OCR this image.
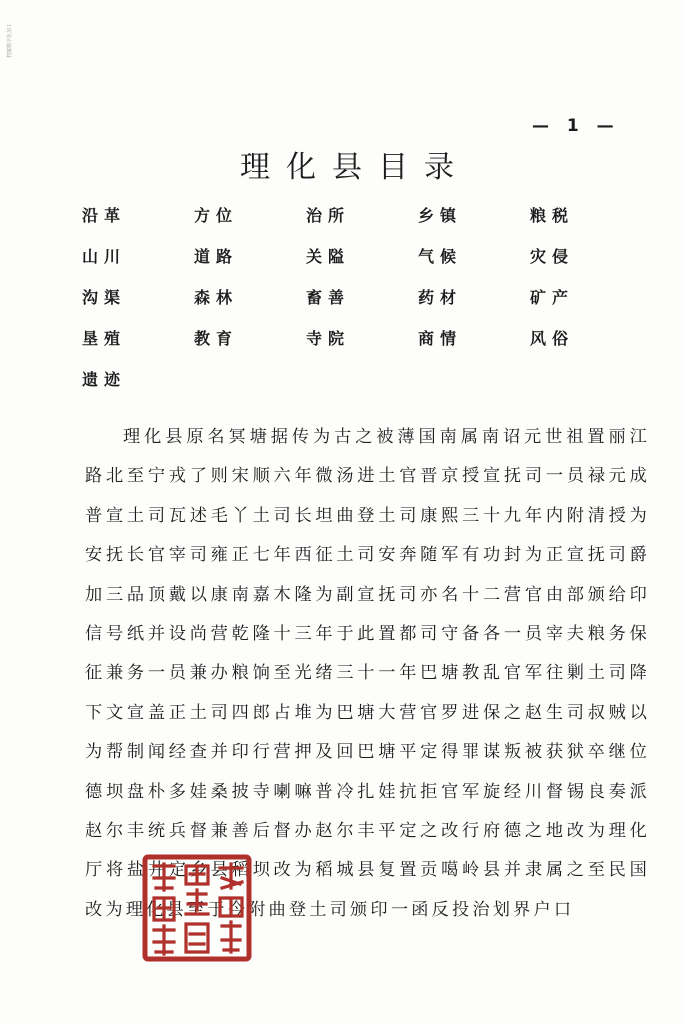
档案数字化加工
— 1 —
理化县目录
沿革	方位	治所	乡镇	粮税
山川	道路	关隘	气候	灾侵
沟渠	森林	畜善	药材	矿产
垦殖	教育	寺院	商情	风俗
遗迹
理化县原名冥塘据传为古之被薄国南属南诏元世祖置丽江路北至宁戎了则宋顺六年微汤进土官晋京授宣抚司一员禄元成普宣土司瓦述毛丫土司长坦曲登土司康熙三十九年内附清授为安抚长官宰司雍正七年西征土司安奔随军有功封为正宣抚司爵加三品顶戴以康南嘉木隆为副宣抚司亦名十二营官由部颁给印信号纸并设尚营乾隆十三年于此置都司守备各一员宰夫粮务保征兼务一员兼办粮饷至光绪三十一年巴塘教乱官军往剿土司降下文宣盖正土司四郎占堆为巴塘大营官罗进保之赵生司叔贼以为帮制闻经查并印行营押及回巴塘平定得罪谋叛被获狱卒继位德坝盘朴多娃桑披寺喇嘛普冷扎娃抗拒官军旋经川督锡良奏派赵尔丰统兵督兼善后督办赵尔丰平定之改行府德之地改为理化厅将盐井定乡县稻坝改为稻城县复置贡噶岭县并隶属之至民国改为理化县至于今附曲登土司颁印一函反投治划界户口
